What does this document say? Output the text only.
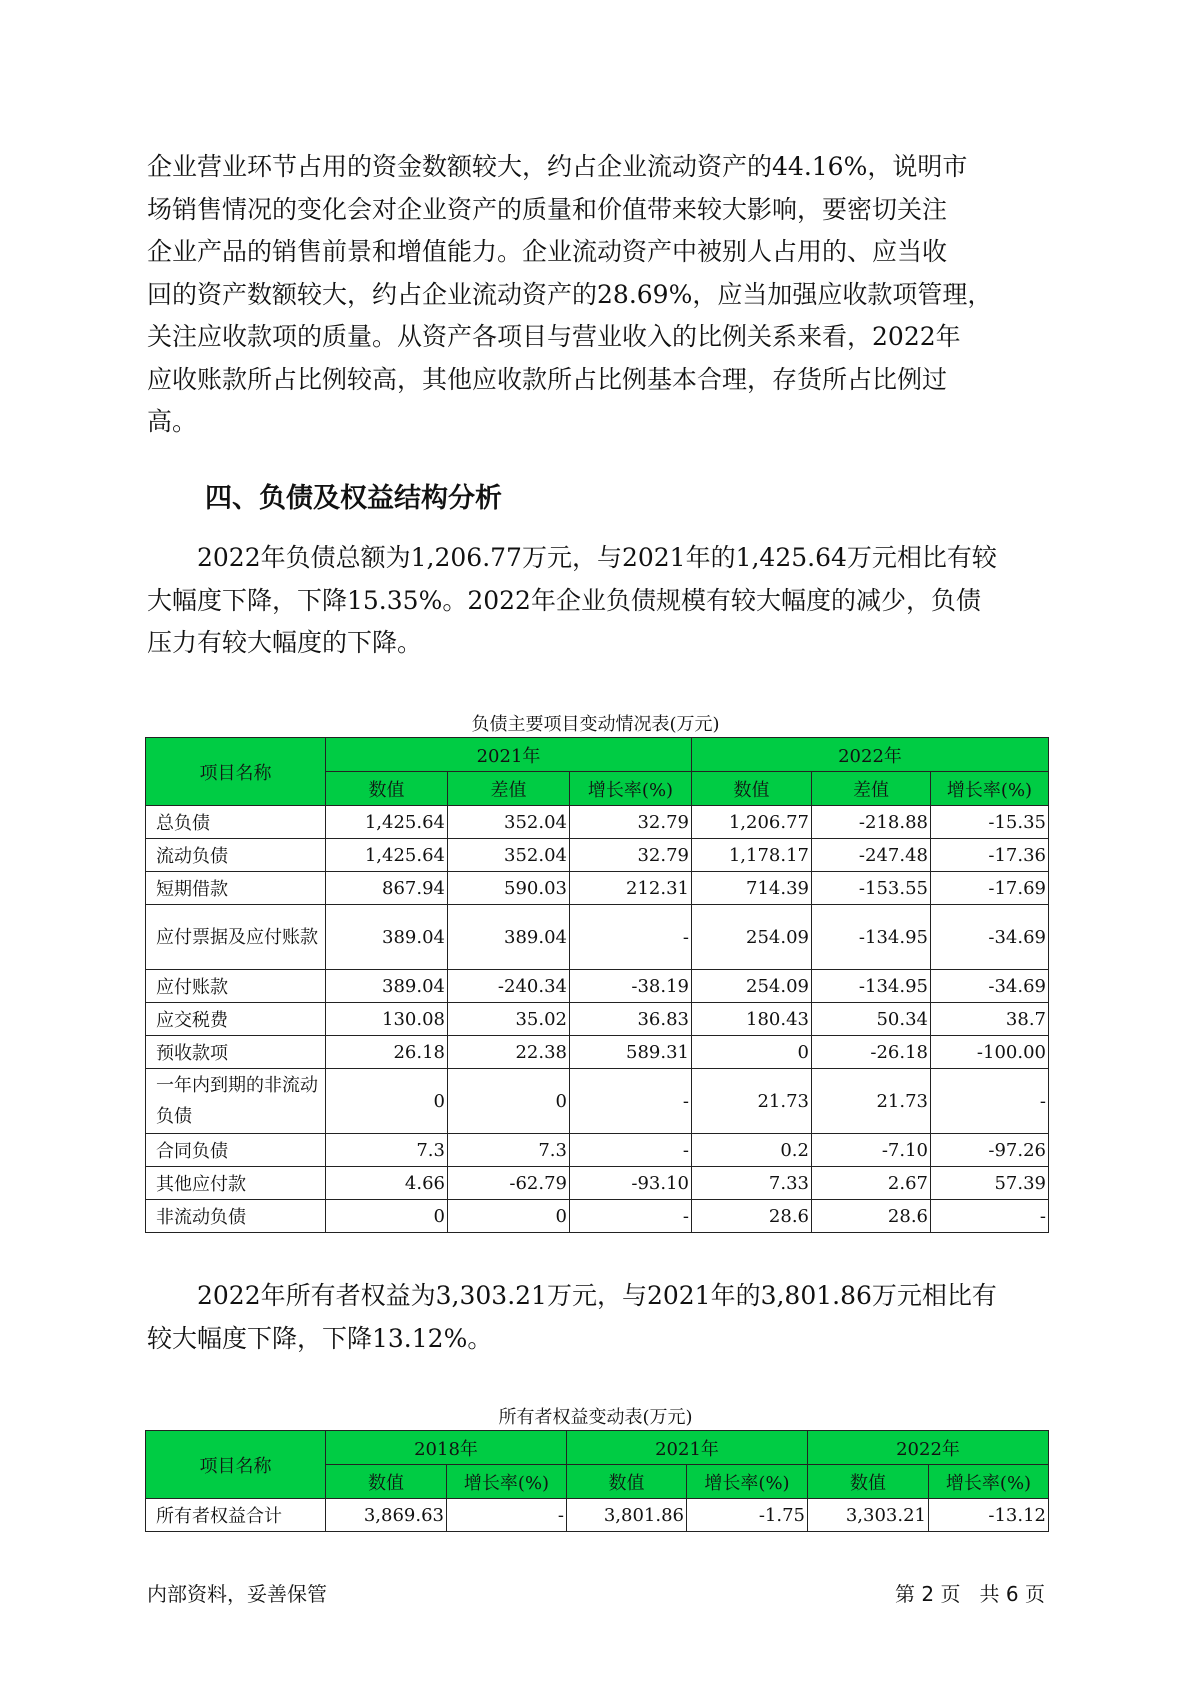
企业营业环节占用的资金数额较大，约占企业流动资产的44.16%，说明市
场销售情况的变化会对企业资产的质量和价值带来较大影响，要密切关注
企业产品的销售前景和增值能力。企业流动资产中被别人占用的、应当收
回的资产数额较大，约占企业流动资产的28.69%，应当加强应收款项管理，
关注应收款项的质量。从资产各项目与营业收入的比例关系来看，2022年
应收账款所占比例较高，其他应收款所占比例基本合理，存货所占比例过
高。
四、负债及权益结构分析
2022年负债总额为1,206.77万元，与2021年的1,425.64万元相比有较
大幅度下降，下降15.35%。2022年企业负债规模有较大幅度的减少，负债
压力有较大幅度的下降。
负债主要项目变动情况表(万元)
项目名称	2021年			2022年		
	数值	差值	增长率(%)	数值	差值	增长率(%)
总负债	1,425.64	352.04	32.79	1,206.77	-218.88	-15.35
流动负债	1,425.64	352.04	32.79	1,178.17	-247.48	-17.36
短期借款	867.94	590.03	212.31	714.39	-153.55	-17.69
应付票据及应付账款	389.04	389.04	-	254.09	-134.95	-34.69
应付账款	389.04	-240.34	-38.19	254.09	-134.95	-34.69
应交税费	130.08	35.02	36.83	180.43	50.34	38.7
预收款项	26.18	22.38	589.31	0	-26.18	-100.00
一年内到期的非流动负债	0	0	-	21.73	21.73	-
合同负债	7.3	7.3	-	0.2	-7.10	-97.26
其他应付款	4.66	-62.79	-93.10	7.33	2.67	57.39
非流动负债	0	0	-	28.6	28.6	-
2022年所有者权益为3,303.21万元，与2021年的3,801.86万元相比有
较大幅度下降，下降13.12%。
所有者权益变动表(万元)
项目名称	2018年		2021年		2022年	
	数值	增长率(%)	数值	增长率(%)	数值	增长率(%)
所有者权益合计	3,869.63	-	3,801.86	-1.75	3,303.21	-13.12
内部资料，妥善保管	第 2 页   共 6 页
